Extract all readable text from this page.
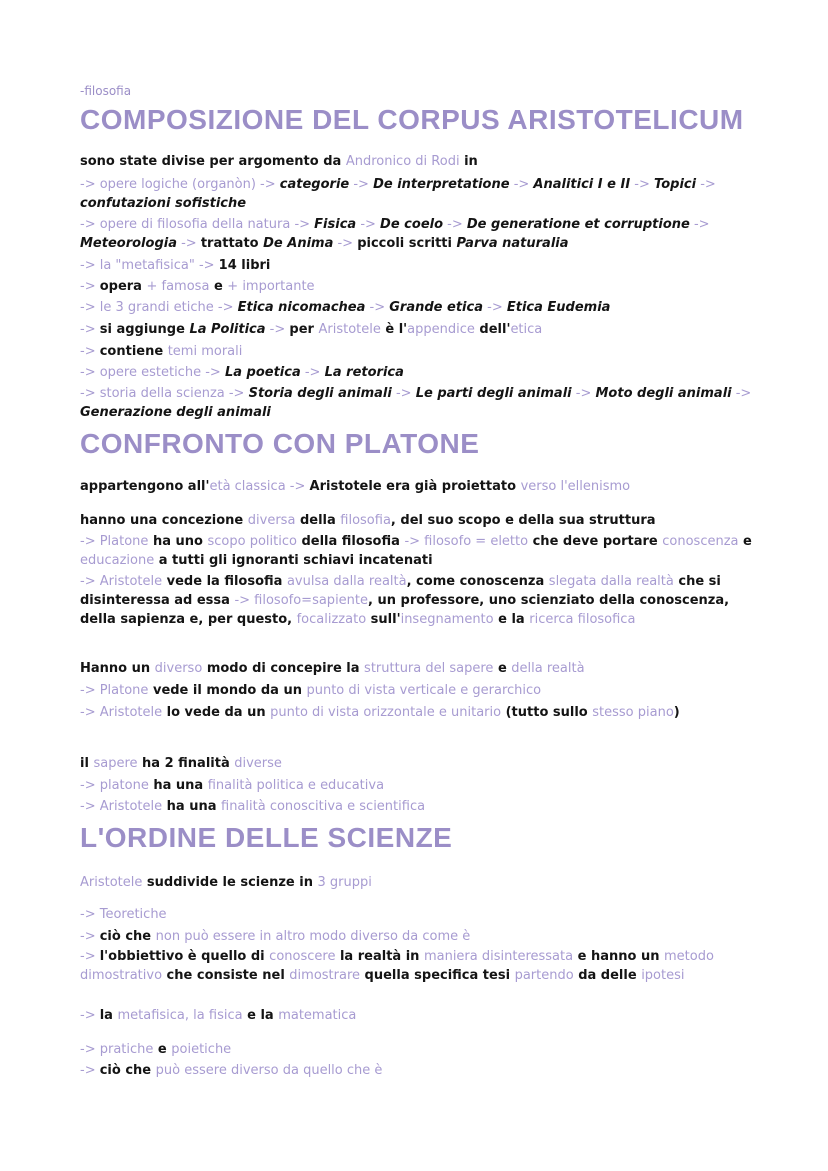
-filosofia
COMPOSIZIONE DEL CORPUS ARISTOTELICUM
CONFRONTO CON PLATONE
L'ORDINE DELLE SCIENZE
sono state divise per argomento da Andronico di Rodi in
-> opere logiche (organòn) -> categorie -> De interpretatione -> Analitici I e II -> Topici -> confutazioni sofistiche
-> opere di filosofia della natura -> Fisica -> De coelo -> De generatione et corruptione -> Meteorologia -> trattato De Anima -> piccoli scritti Parva naturalia
-> la "metafisica" -> 14 libri
-> opera + famosa e + importante
-> le 3 grandi etiche -> Etica nicomachea -> Grande etica -> Etica Eudemia
-> si aggiunge La Politica -> per Aristotele è l'appendice dell'etica
-> contiene temi morali
-> opere estetiche -> La poetica -> La retorica
-> storia della scienza -> Storia degli animali -> Le parti degli animali -> Moto degli animali -> Generazione degli animali
appartengono all'età classica -> Aristotele era già proiettato verso l'ellenismo
hanno una concezione diversa della filosofia, del suo scopo e della sua struttura
-> Platone ha uno scopo politico della filosofia -> filosofo = eletto che deve portare conoscenza e educazione a tutti gli ignoranti schiavi incatenati
-> Aristotele vede la filosofia avulsa dalla realtà, come conoscenza slegata dalla realtà che si disinteressa ad essa -> filosofo=sapiente, un professore, uno scienziato della conoscenza, della sapienza e, per questo, focalizzato sull'insegnamento e la ricerca filosofica
Hanno un diverso modo di concepire la struttura del sapere e della realtà
-> Platone vede il mondo da un punto di vista verticale e gerarchico
-> Aristotele lo vede da un punto di vista orizzontale e unitario (tutto sullo stesso piano)
il sapere ha 2 finalità diverse
-> platone ha una finalità politica e educativa
-> Aristotele ha una finalità conoscitiva e scientifica
Aristotele suddivide le scienze in 3 gruppi
-> Teoretiche
-> ciò che non può essere in altro modo diverso da come è
-> l'obbiettivo è quello di conoscere la realtà in maniera disinteressata e hanno un metodo dimostrativo che consiste nel dimostrare quella specifica tesi partendo da delle ipotesi
-> la metafisica, la fisica e la matematica
-> pratiche e poietiche
-> ciò che può essere diverso da quello che è
